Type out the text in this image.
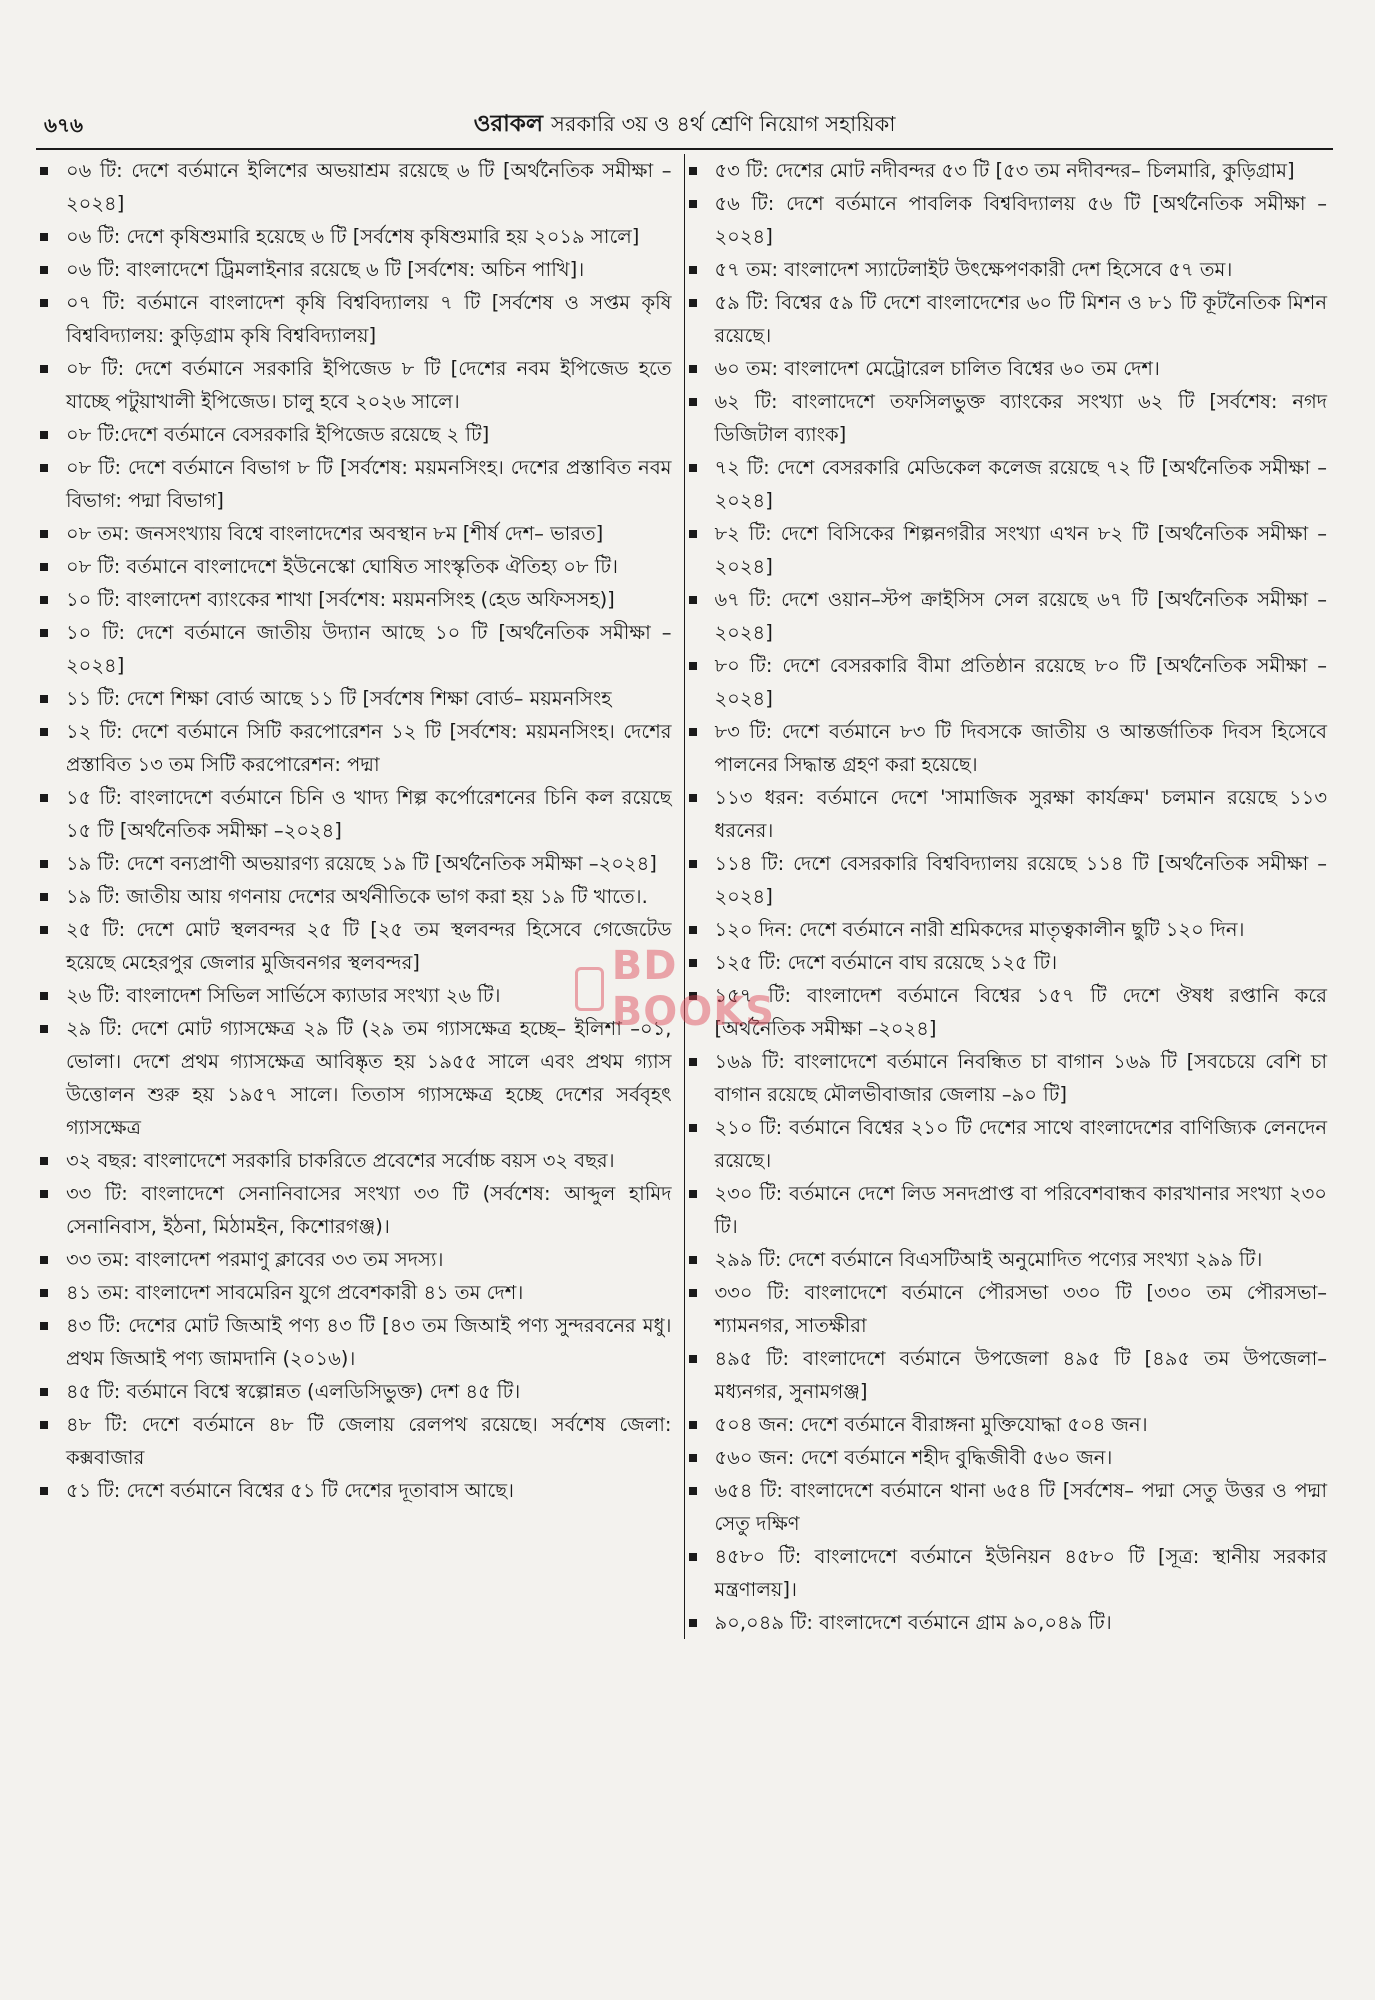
৬৭৬	ওরাকল সরকারি ৩য় ও ৪র্থ শ্রেণি নিয়োগ সহায়িকা
০৬ টি: দেশে বর্তমানে ইলিশের অভয়াশ্রম রয়েছে ৬ টি [অর্থনৈতিক সমীক্ষা –২০২৪]
০৬ টি: দেশে কৃষিশুমারি হয়েছে ৬ টি [সর্বশেষ কৃষিশুমারি হয় ২০১৯ সালে]
০৬ টি: বাংলাদেশে ট্রিমলাইনার রয়েছে ৬ টি [সর্বশেষ: অচিন পাখি]।
০৭ টি: বর্তমানে বাংলাদেশ কৃষি বিশ্ববিদ্যালয় ৭ টি [সর্বশেষ ও সপ্তম কৃষি বিশ্ববিদ্যালয়: কুড়িগ্রাম কৃষি বিশ্ববিদ্যালয়]
০৮ টি: দেশে বর্তমানে সরকারি ইপিজেড ৮ টি [দেশের নবম ইপিজেড হতে যাচ্ছে পটুয়াখালী ইপিজেড। চালু হবে ২০২৬ সালে।
০৮ টি:দেশে বর্তমানে বেসরকারি ইপিজেড রয়েছে ২ টি]
০৮ টি: দেশে বর্তমানে বিভাগ ৮ টি [সর্বশেষ: ময়মনসিংহ। দেশের প্রস্তাবিত নবম বিভাগ: পদ্মা বিভাগ]
০৮ তম: জনসংখ্যায় বিশ্বে বাংলাদেশের অবস্থান ৮ম [শীর্ষ দেশ– ভারত]
০৮ টি: বর্তমানে বাংলাদেশে ইউনেস্কো ঘোষিত সাংস্কৃতিক ঐতিহ্য ০৮ টি।
১০ টি: বাংলাদেশ ব্যাংকের শাখা [সর্বশেষ: ময়মনসিংহ (হেড অফিসসহ)]
১০ টি: দেশে বর্তমানে জাতীয় উদ্যান আছে ১০ টি [অর্থনৈতিক সমীক্ষা –২০২৪]
১১ টি: দেশে শিক্ষা বোর্ড আছে ১১ টি [সর্বশেষ শিক্ষা বোর্ড– ময়মনসিংহ
১২ টি: দেশে বর্তমানে সিটি করপোরেশন ১২ টি [সর্বশেষ: ময়মনসিংহ। দেশের প্রস্তাবিত ১৩ তম সিটি করপোরেশন: পদ্মা
১৫ টি: বাংলাদেশে বর্তমানে চিনি ও খাদ্য শিল্প কর্পোরেশনের চিনি কল রয়েছে ১৫ টি [অর্থনৈতিক সমীক্ষা –২০২৪]
১৯ টি: দেশে বন্যপ্রাণী অভয়ারণ্য রয়েছে ১৯ টি [অর্থনৈতিক সমীক্ষা –২০২৪]
১৯ টি: জাতীয় আয় গণনায় দেশের অর্থনীতিকে ভাগ করা হয় ১৯ টি খাতে।.
২৫ টি: দেশে মোট স্থলবন্দর ২৫ টি [২৫ তম স্থলবন্দর হিসেবে গেজেটেড হয়েছে মেহেরপুর জেলার মুজিবনগর স্থলবন্দর]
২৬ টি: বাংলাদেশ সিভিল সার্ভিসে ক্যাডার সংখ্যা ২৬ টি।
২৯ টি: দেশে মোট গ্যাসক্ষেত্র ২৯ টি (২৯ তম গ্যাসক্ষেত্র হচ্ছে– ইলিশা –০১, ভোলা। দেশে প্রথম গ্যাসক্ষেত্র আবিষ্কৃত হয় ১৯৫৫ সালে এবং প্রথম গ্যাস উত্তোলন শুরু হয় ১৯৫৭ সালে। তিতাস গ্যাসক্ষেত্র হচ্ছে দেশের সর্ববৃহৎ গ্যাসক্ষেত্র
৩২ বছর: বাংলাদেশে সরকারি চাকরিতে প্রবেশের সর্বোচ্চ বয়স ৩২ বছর।
৩৩ টি: বাংলাদেশে সেনানিবাসের সংখ্যা ৩৩ টি (সর্বশেষ: আব্দুল হামিদ সেনানিবাস, ইঠনা, মিঠামইন, কিশোরগঞ্জ)।
৩৩ তম: বাংলাদেশ পরমাণু ক্লাবের ৩৩ তম সদস্য।
৪১ তম: বাংলাদেশ সাবমেরিন যুগে প্রবেশকারী ৪১ তম দেশ।
৪৩ টি: দেশের মোট জিআই পণ্য ৪৩ টি [৪৩ তম জিআই পণ্য সুন্দরবনের মধু। প্রথম জিআই পণ্য জামদানি (২০১৬)।
৪৫ টি: বর্তমানে বিশ্বে স্বল্পোন্নত (এলডিসিভুক্ত) দেশ ৪৫ টি।
৪৮ টি: দেশে বর্তমানে ৪৮ টি জেলায় রেলপথ রয়েছে। সর্বশেষ জেলা: কক্সবাজার
৫১ টি: দেশে বর্তমানে বিশ্বের ৫১ টি দেশের দূতাবাস আছে।
৫৩ টি: দেশের মোট নদীবন্দর ৫৩ টি [৫৩ তম নদীবন্দর– চিলমারি, কুড়িগ্রাম]
৫৬ টি: দেশে বর্তমানে পাবলিক বিশ্ববিদ্যালয় ৫৬ টি [অর্থনৈতিক সমীক্ষা –২০২৪]
৫৭ তম: বাংলাদেশ স্যাটেলাইট উৎক্ষেপণকারী দেশ হিসেবে ৫৭ তম।
৫৯ টি: বিশ্বের ৫৯ টি দেশে বাংলাদেশের ৬০ টি মিশন ও ৮১ টি কূটনৈতিক মিশন রয়েছে।
৬০ তম: বাংলাদেশ মেট্রোরেল চালিত বিশ্বের ৬০ তম দেশ।
৬২ টি: বাংলাদেশে তফসিলভুক্ত ব্যাংকের সংখ্যা ৬২ টি [সর্বশেষ: নগদ ডিজিটাল ব্যাংক]
৭২ টি: দেশে বেসরকারি মেডিকেল কলেজ রয়েছে ৭২ টি [অর্থনৈতিক সমীক্ষা –২০২৪]
৮২ টি: দেশে বিসিকের শিল্পনগরীর সংখ্যা এখন ৮২ টি [অর্থনৈতিক সমীক্ষা –২০২৪]
৬৭ টি: দেশে ওয়ান–স্টপ ক্রাইসিস সেল রয়েছে ৬৭ টি [অর্থনৈতিক সমীক্ষা –২০২৪]
৮০ টি: দেশে বেসরকারি বীমা প্রতিষ্ঠান রয়েছে ৮০ টি [অর্থনৈতিক সমীক্ষা –২০২৪]
৮৩ টি: দেশে বর্তমানে ৮৩ টি দিবসকে জাতীয় ও আন্তর্জাতিক দিবস হিসেবে পালনের সিদ্ধান্ত গ্রহণ করা হয়েছে।
১১৩ ধরন: বর্তমানে দেশে 'সামাজিক সুরক্ষা কার্যক্রম' চলমান রয়েছে ১১৩ ধরনের।
১১৪ টি: দেশে বেসরকারি বিশ্ববিদ্যালয় রয়েছে ১১৪ টি [অর্থনৈতিক সমীক্ষা –২০২৪]
১২০ দিন: দেশে বর্তমানে নারী শ্রমিকদের মাতৃত্বকালীন ছুটি ১২০ দিন।
১২৫ টি: দেশে বর্তমানে বাঘ রয়েছে ১২৫ টি।
১৫৭ টি: বাংলাদেশ বর্তমানে বিশ্বের ১৫৭ টি দেশে ঔষধ রপ্তানি করে [অর্থনৈতিক সমীক্ষা –২০২৪]
১৬৯ টি: বাংলাদেশে বর্তমানে নিবন্ধিত চা বাগান ১৬৯ টি [সবচেয়ে বেশি চা বাগান রয়েছে মৌলভীবাজার জেলায় –৯০ টি]
২১০ টি: বর্তমানে বিশ্বের ২১০ টি দেশের সাথে বাংলাদেশের বাণিজ্যিক লেনদেন রয়েছে।
২৩০ টি: বর্তমানে দেশে লিড সনদপ্রাপ্ত বা পরিবেশবান্ধব কারখানার সংখ্যা ২৩০ টি।
২৯৯ টি: দেশে বর্তমানে বিএসটিআই অনুমোদিত পণ্যের সংখ্যা ২৯৯ টি।
৩৩০ টি: বাংলাদেশে বর্তমানে পৌরসভা ৩৩০ টি [৩৩০ তম পৌরসভা– শ্যামনগর, সাতক্ষীরা
৪৯৫ টি: বাংলাদেশে বর্তমানে উপজেলা ৪৯৫ টি [৪৯৫ তম উপজেলা– মধ্যনগর, সুনামগঞ্জ]
৫০৪ জন: দেশে বর্তমানে বীরাঙ্গনা মুক্তিযোদ্ধা ৫০৪ জন।
৫৬০ জন: দেশে বর্তমানে শহীদ বুদ্ধিজীবী ৫৬০ জন।
৬৫৪ টি: বাংলাদেশে বর্তমানে থানা ৬৫৪ টি [সর্বশেষ– পদ্মা সেতু উত্তর ও পদ্মা সেতু দক্ষিণ
৪৫৮০ টি: বাংলাদেশে বর্তমানে ইউনিয়ন ৪৫৮০ টি [সূত্র: স্থানীয় সরকার মন্ত্রণালয়]।
৯০,০৪৯ টি: বাংলাদেশে বর্তমানে গ্রাম ৯০,০৪৯ টি।
BD BOOKS
